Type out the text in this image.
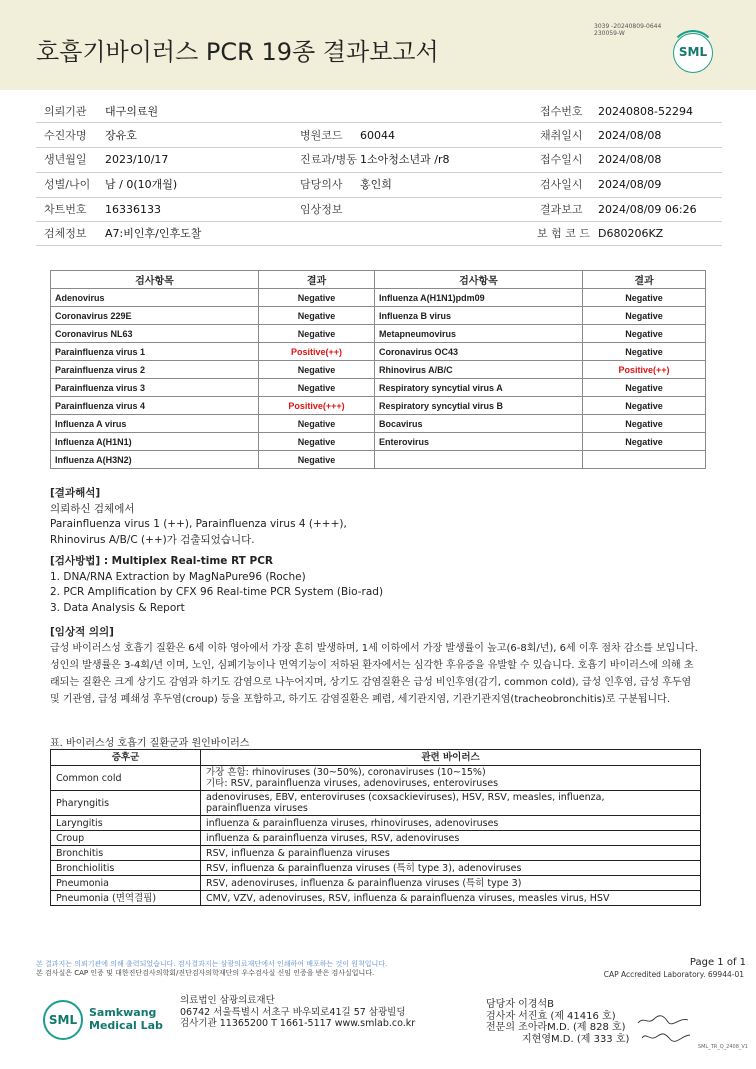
호흡기바이러스 PCR 19종 결과보고서
3039 -20240809-0644
230059-W
SML
의뢰기관 대구의료원	접수번호 20240808-52294
수진자명 장유호	병원코드 60044	채취일시 2024/08/08
생년월일 2023/10/17	진료과/병동 1소아청소년과 /r8	접수일시 2024/08/08
성별/나이 남 / 0(10개월)	담당의사 홍인희	검사일시 2024/08/09
차트번호 16336133	임상정보	결과보고 2024/08/09 06:26
검체정보 A7:비인후/인후도찰	보 험 코 드 D680206KZ
검사항목	결과	검사항목	결과
Adenovirus	Negative	Influenza A(H1N1)pdm09	Negative
Coronavirus 229E	Negative	Influenza B virus	Negative
Coronavirus NL63	Negative	Metapneumovirus	Negative
Parainfluenza virus 1	Positive(++)	Coronavirus OC43	Negative
Parainfluenza virus 2	Negative	Rhinovirus A/B/C	Positive(++)
Parainfluenza virus 3	Negative	Respiratory syncytial virus A	Negative
Parainfluenza virus 4	Positive(+++)	Respiratory syncytial virus B	Negative
Influenza A virus	Negative	Bocavirus	Negative
Influenza A(H1N1)	Negative	Enterovirus	Negative
Influenza A(H3N2)	Negative		
[결과해석]
의뢰하신 검체에서
Parainfluenza virus 1 (++), Parainfluenza virus 4 (+++),
Rhinovirus A/B/C (++)가 검출되었습니다.
[검사방법] : Multiplex Real-time RT PCR
1. DNA/RNA Extraction by MagNaPure96 (Roche)
2. PCR Amplification by CFX 96 Real-time PCR System (Bio-rad)
3. Data Analysis & Report
[임상적 의의]
급성 바이러스성 호흡기 질환은 6세 이하 영아에서 가장 흔히 발생하며, 1세 이하에서 가장 발생률이 높고(6-8회/년), 6세 이후 점차 감소를 보입니다. 성인의 발생률은 3-4회/년 이며, 노인, 심폐기능이나 면역기능이 저하된 환자에서는 심각한 후유증을 유발할 수 있습니다. 호흡기 바이러스에 의해 초래되는 질환은 크게 상기도 감염과 하기도 감염으로 나누어지며, 상기도 감염질환은 급성 비인후염(감기, common cold), 급성 인후염, 급성 후두염 및 기관염, 급성 폐쇄성 후두염(croup) 등을 포함하고, 하기도 감염질환은 폐렴, 세기관지염, 기관기관지염(tracheobronchitis)로 구분됩니다.
표. 바이러스성 호흡기 질환군과 원인바이러스
증후군	관련 바이러스
Common cold	가장 흔함: rhinoviruses (30~50%), coronaviruses (10~15%)

기타: RSV, parainfluenza viruses, adenoviruses, enteroviruses

Pharyngitis	adenoviruses, EBV, enteroviruses (coxsackieviruses), HSV, RSV, measles, influenza,

parainfluenza viruses

Laryngitis	influenza & parainfluenza viruses, rhinoviruses, adenoviruses

Croup	influenza & parainfluenza viruses, RSV, adenoviruses

Bronchitis	RSV, influenza & parainfluenza viruses

Bronchiolitis	RSV, influenza & parainfluenza viruses (특히 type 3), adenoviruses

Pneumonia	RSV, adenoviruses, influenza & parainfluenza viruses (특히 type 3)

Pneumonia (면역결핍)	CMV, VZV, adenoviruses, RSV, influenza & parainfluenza viruses, measles virus, HSV

본 결과지는 의뢰기관에 의해 출력되었습니다. 검사결과지는 삼광의료재단에서 인쇄하여 배포하는 것이 원칙입니다.
본 검사실은 CAP 인증 및 대한진단검사의학회/진단검사의학재단의 우수검사실 신임 인증을 받은 검사실입니다.
Page 1 of 1
CAP Accredited Laboratory. 69944-01
SML
Samkwang
Medical Lab
의료법인 삼광의료재단
06742 서울특별시 서초구 바우뫼로41길 57 삼광빌딩
검사기관 11365200 T 1661-5117 www.smlab.co.kr
담당자 이경석B
검사자 서진효 (제 41416 호)
전문의 조아라M.D. (제 828 호)
지현영M.D. (제 333 호)
SML_TR_Q_2408_V1
